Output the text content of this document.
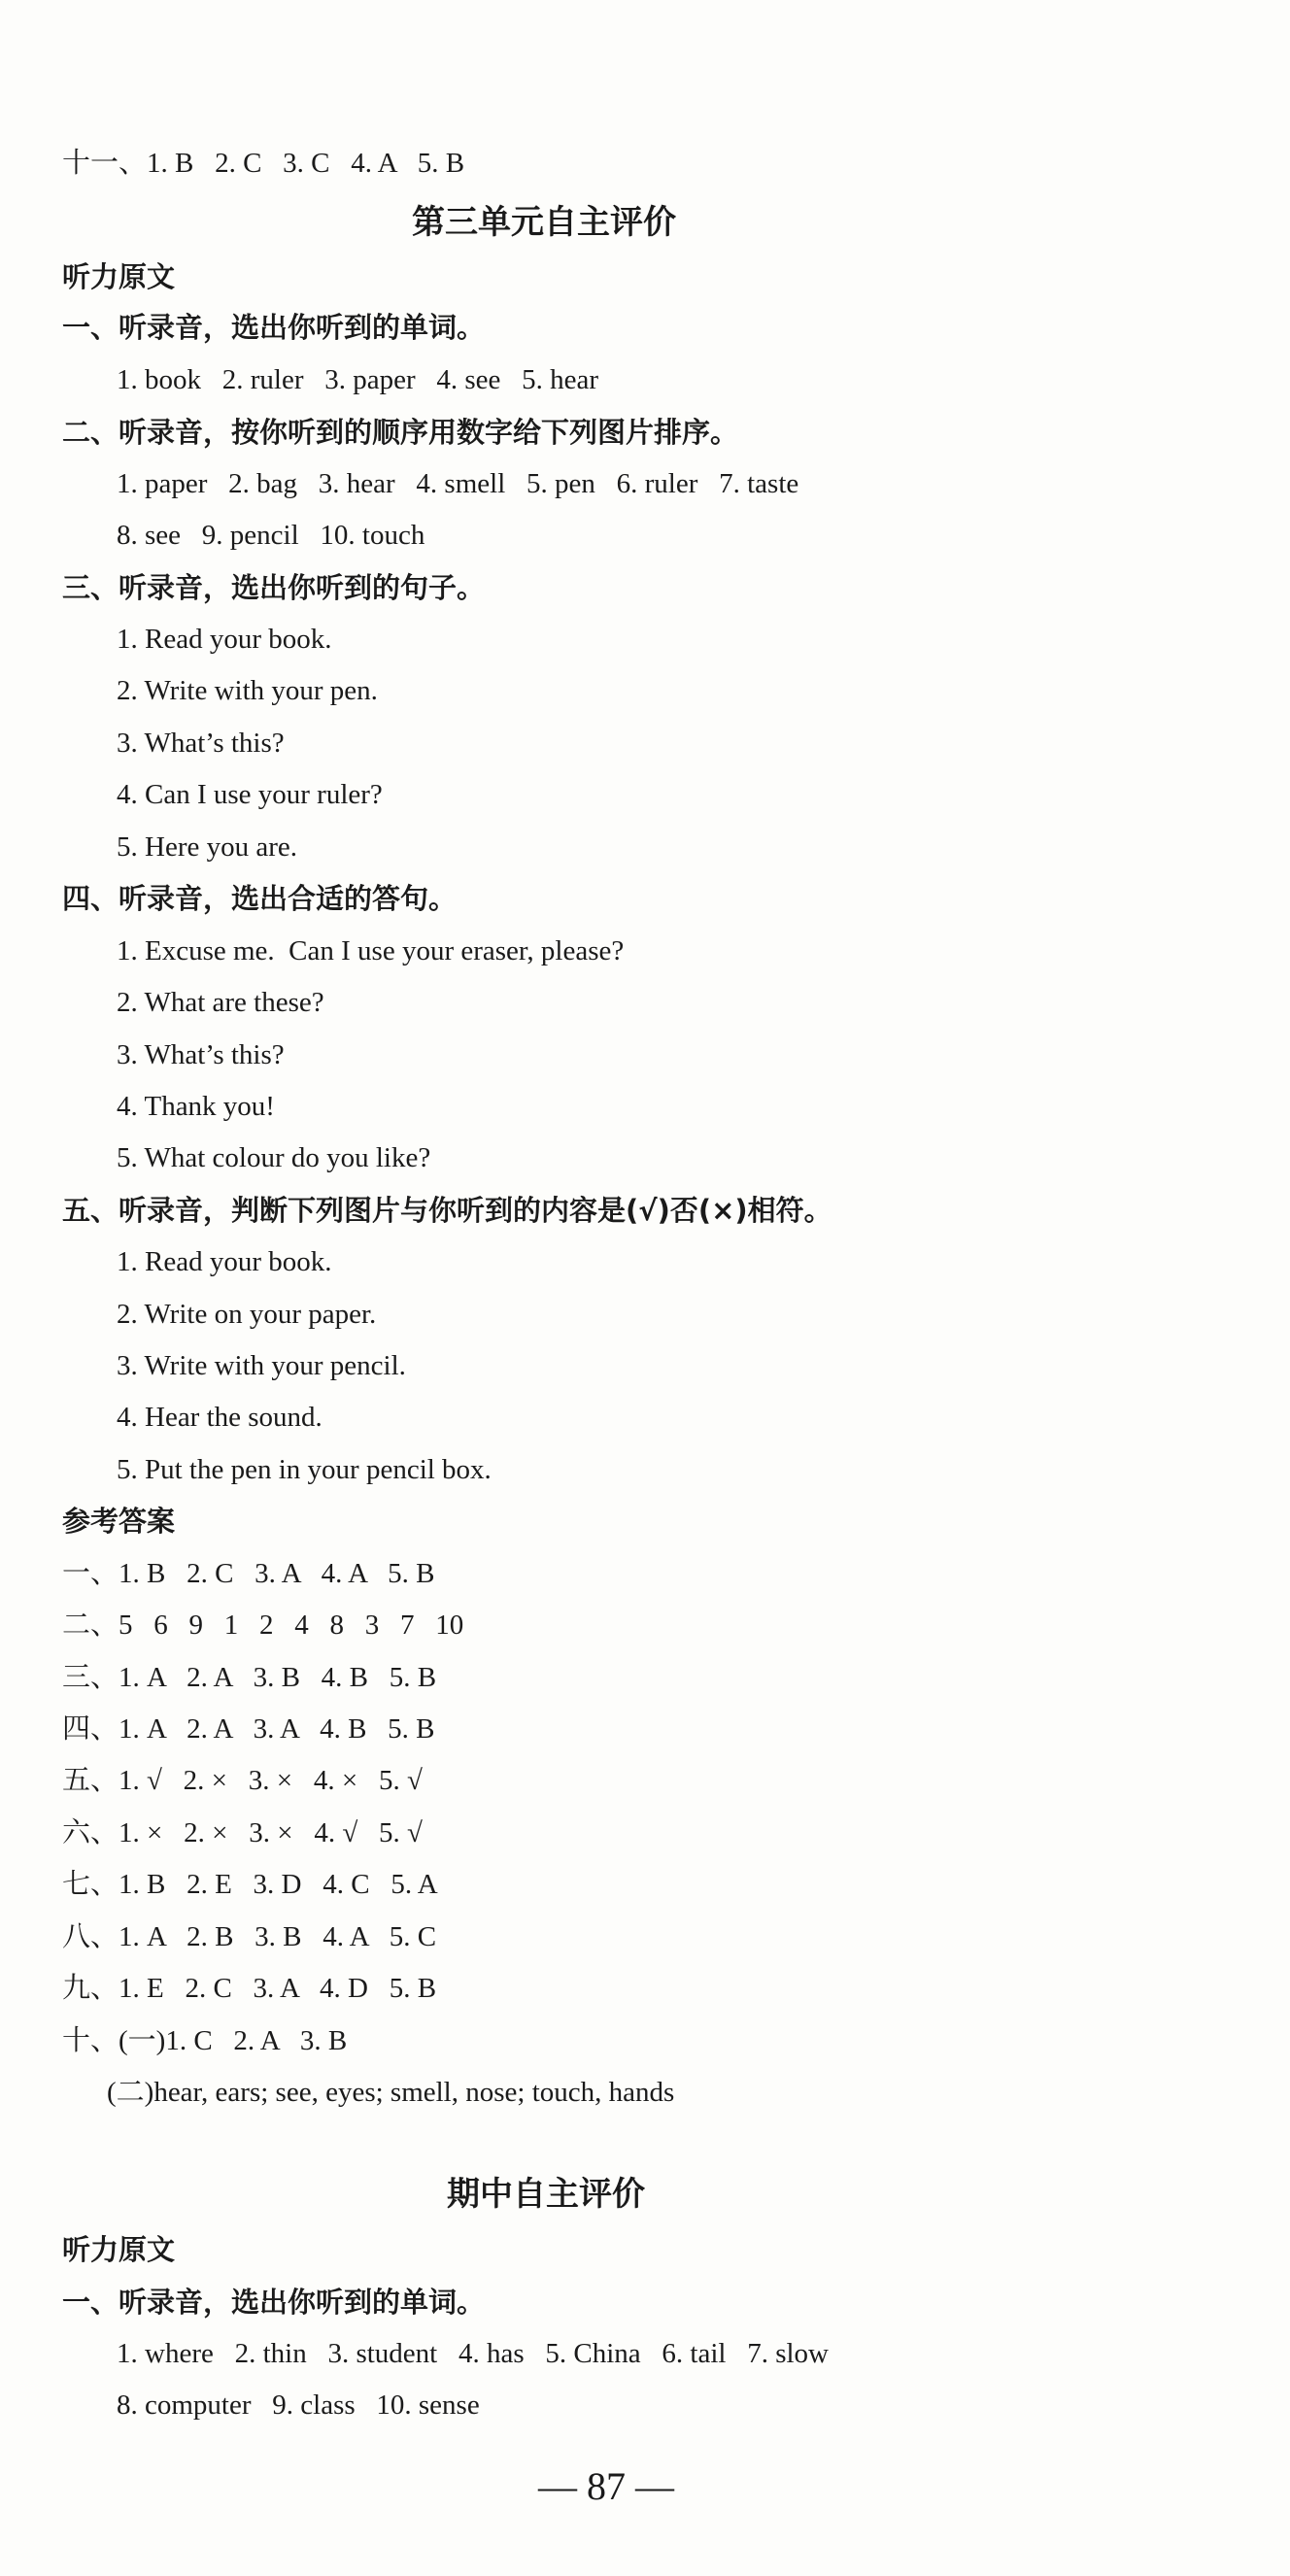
十一、1. B   2. C   3. C   4. A   5. B
第三单元自主评价
听力原文
一、听录音，选出你听到的单词。
1. book   2. ruler   3. paper   4. see   5. hear
二、听录音，按你听到的顺序用数字给下列图片排序。
1. paper   2. bag   3. hear   4. smell   5. pen   6. ruler   7. taste
8. see   9. pencil   10. touch
三、听录音，选出你听到的句子。
1. Read your book.
2. Write with your pen.
3. What’s this?
4. Can I use your ruler?
5. Here you are.
四、听录音，选出合适的答句。
1. Excuse me.  Can I use your eraser, please?
2. What are these?
3. What’s this?
4. Thank you!
5. What colour do you like?
五、听录音，判断下列图片与你听到的内容是(√)否(×)相符。
1. Read your book.
2. Write on your paper.
3. Write with your pencil.
4. Hear the sound.
5. Put the pen in your pencil box.
参考答案
一、1. B   2. C   3. A   4. A   5. B
二、5   6   9   1   2   4   8   3   7   10
三、1. A   2. A   3. B   4. B   5. B
四、1. A   2. A   3. A   4. B   5. B
五、1. √   2. ×   3. ×   4. ×   5. √
六、1. ×   2. ×   3. ×   4. √   5. √
七、1. B   2. E   3. D   4. C   5. A
八、1. A   2. B   3. B   4. A   5. C
九、1. E   2. C   3. A   4. D   5. B
十、(一)1. C   2. A   3. B
(二)hear, ears; see, eyes; smell, nose; touch, hands
期中自主评价
听力原文
一、听录音，选出你听到的单词。
1. where   2. thin   3. student   4. has   5. China   6. tail   7. slow
8. computer   9. class   10. sense
— 87 —
